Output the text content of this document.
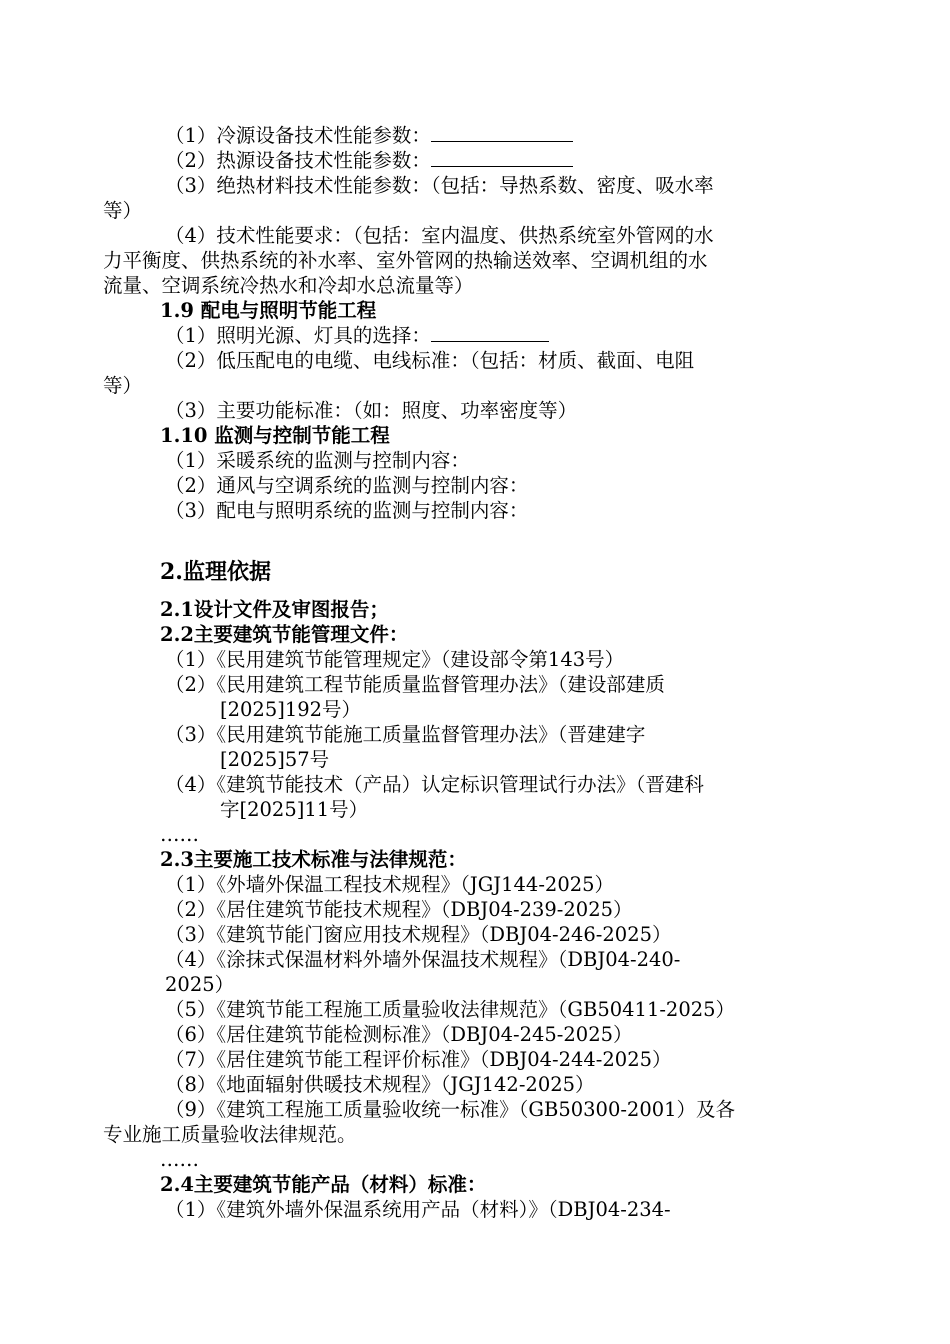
（1）冷源设备技术性能参数：
（2）热源设备技术性能参数：
（3）绝热材料技术性能参数：（包括：导热系数、密度、吸水率
等）
（4）技术性能要求：（包括：室内温度、供热系统室外管网的水
力平衡度、供热系统的补水率、室外管网的热输送效率、空调机组的水
流量、空调系统冷热水和冷却水总流量等）
1.9 配电与照明节能工程
（1）照明光源、灯具的选择：
（2）低压配电的电缆、电线标准：（包括：材质、截面、电阻
等）
（3）主要功能标准：（如：照度、功率密度等）
1.10 监测与控制节能工程
（1）采暖系统的监测与控制内容：
（2）通风与空调系统的监测与控制内容：
（3）配电与照明系统的监测与控制内容：
2.监理依据
2.1设计文件及审图报告；
2.2主要建筑节能管理文件：
（1）《民用建筑节能管理规定》（建设部令第143号）
（2）《民用建筑工程节能质量监督管理办法》（建设部建质
[2025]192号）
（3）《民用建筑节能施工质量监督管理办法》（晋建建字
[2025]57号
（4）《建筑节能技术（产品）认定标识管理试行办法》（晋建科
字[2025]11号）
……
2.3主要施工技术标准与法律规范：
（1）《外墙外保温工程技术规程》（JGJ144-2025）
（2）《居住建筑节能技术规程》（DBJ04-239-2025）
（3）《建筑节能门窗应用技术规程》（DBJ04-246-2025）
（4）《涂抹式保温材料外墙外保温技术规程》（DBJ04-240-
2025）
（5）《建筑节能工程施工质量验收法律规范》（GB50411-2025）
（6）《居住建筑节能检测标准》（DBJ04-245-2025）
（7）《居住建筑节能工程评价标准》（DBJ04-244-2025）
（8）《地面辐射供暖技术规程》（JGJ142-2025）
（9）《建筑工程施工质量验收统一标准》（GB50300-2001）及各
专业施工质量验收法律规范。
……
2.4主要建筑节能产品（材料）标准：
（1）《建筑外墙外保温系统用产品（材料）》（DBJ04-234-
